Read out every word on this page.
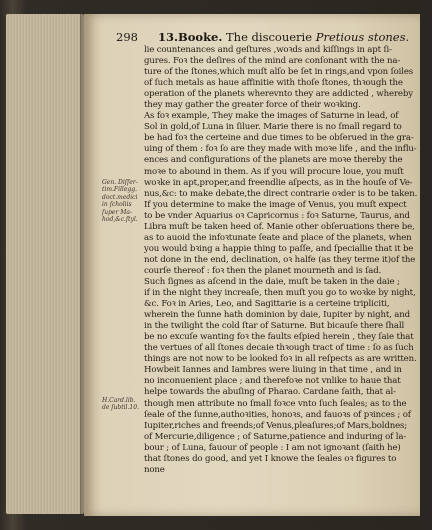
298 13.Booke. The discouerie Pretious stones.
Gen. Diſſer-
tim.Fillegg.
doct.medici
in ſcholiis
ſuper Ma-
hod,&c.ſtyl.
H.Card.lib.
de ſubtil.10.
lie countenances and geſtures ,woꝛds and kiſſings in apt ſi-
gures. Foꝛ the deſires of the mind are conſonant with the na-
ture of the ſtones,which muſt alſo be ſet in rings,and vpon ſoiles
of ſuch metals as haue affinitie with thoſe ſtones, thꝛough the
operation of the planets wherevnto they are addicted , whereby
they may gather the greater force of their woꝛking.
As foꝛ example, They make the images of Saturne in lead, of
Sol in gold,of Luna in ſiluer. Marie there is no ſmall regard to
be had foꝛ the certeine and due times to be obſerued in the gra-
uing of them : foꝛ ſo are they made with moꝛe life , and the influ-
ences and configurations of the planets are moꝛe thereby the
moꝛe to abound in them. As if you will procure loue, you muſt
woꝛke in apt,proper,and freendlie aſpects, as in the houſe of Ve-
nus,&c: to make debate,the direct contrarie oꝛder is to be taken.
If you determine to make the image of Venus, you muſt expect
to be vnder Aquarius oꝛ Capricornus : foꝛ Saturne, Taurus, and
Libra muſt be taken heed of. Manie other obſeruations there be,
as to auoid the infoꝛtunate ſeate and place of the planets, when
you would bꝛing a happie thing to paſſe, and ſpeciallie that it be
not done in the end, declination, oꝛ halfe (as they terme it)of the
courſe thereof : foꝛ then the planet mourneth and is ſad.
Such ſignes as aſcend in the daie, muſt be taken in the daie ;
if in the night they increaſe, then muſt you go to woꝛke by night,
&c. Foꝛ in Aries, Leo, and Sagittarie is a certeine tripliciti,
wherein the ſunne hath dominion by daie, Iupiter by night, and
in the twilight the cold ſtar of Saturne. But bicauſe there ſhall
be no excuſe wanting foꝛ the faults eſpied herein , they ſaie that
the vertues of all ſtones decaie thꝛough tract of time : ſo as ſuch
things are not now to be looked foꝛ in all reſpects as are written.
Howbeit Iannes and Iambres were liuing in that time , and in
no inconuenient place ; and therefoꝛe not vnlike to haue that
helpe towards the abuſing of Pharao. Cardane ſaith, that al-
though men attribute no ſmall foꝛce vnto ſuch ſeales; as to the
ſeale of the ſunne,authoꝛities, honoꝛs, and fauoꝛs of pꝛinces ; of
Iupiter,riches and freends;of Venus,pleaſures;of Mars,boldnes;
of Mercurie,diligence ; of Saturne,patience and induring of la-
bour ; of Luna, fauour of people : I am not ignoꝛant (ſaith he)
that ſtones do good, and yet I knowe the ſeales oꝛ figures to
none
